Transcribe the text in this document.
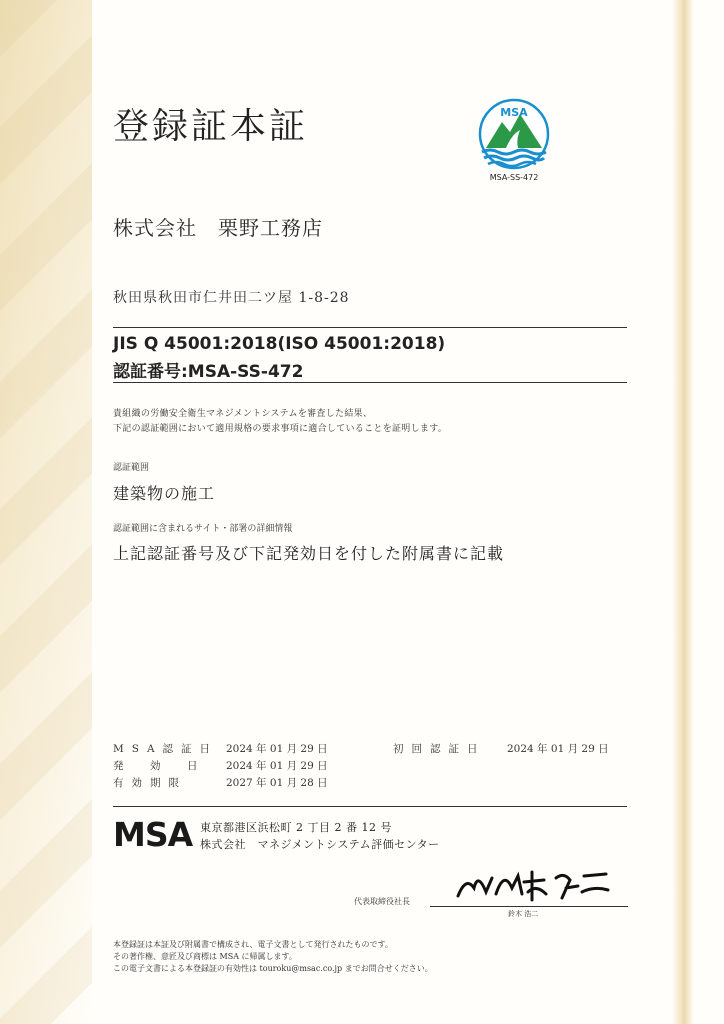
登録証本証	MSA
MSA-SS-472
株式会社　栗野工務店
秋田県秋田市仁井田二ツ屋 1-8-28
JIS Q 45001:2018(ISO 45001:2018)
認証番号:MSA-SS-472
貴組織の労働安全衛生マネジメントシステムを審査した結果、
下記の認証範囲において適用規格の要求事項に適合していることを証明します。
認証範囲
建築物の施工
認証範囲に含まれるサイト・部署の詳細情報
上記認証番号及び下記発効日を付した附属書に記載
MSA認証日 2024 年 01 月 29 日
発　効　日 2024 年 01 月 29 日
有効期限	2027 年 01 月 28 日
初回認証日 2024 年 01 月 29 日
MSA 東京都港区浜松町 2 丁目 2 番 12 号
株式会社　マネジメントシステム評価センター
代表取締役社長
鈴木 浩二
本登録証は本証及び附属書で構成され、電子文書として発行されたものです。
その著作権、意匠及び商標は MSA に帰属します。
この電子文書による本登録証の有効性は touroku@msac.co.jp までお問合せください。
